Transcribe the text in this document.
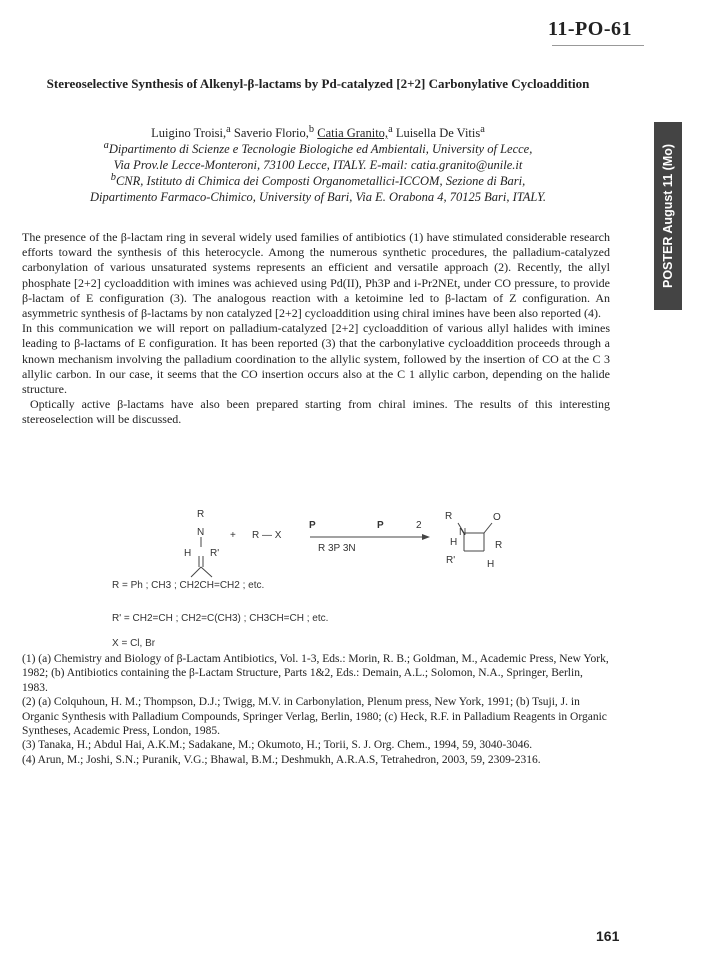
11-PO-61
POSTER August 11 (Mo)
Stereoselective Synthesis of Alkenyl-β-lactams by Pd-catalyzed [2+2] Carbonylative Cycloaddition
Luigino Troisi,$^a$ Saverio Florio,$^b$ Catia Granito,$^a$ Luisella De Vitis$^a$
$^a$Dipartimento di Scienze e Tecnologie Biologiche ed Ambientali, University of Lecce,
Via Prov.le Lecce-Monteroni, 73100 Lecce, ITALY. E-mail: catia.granito@unile.it
$^b$CNR, Istituto di Chimica dei Composti Organometallici-ICCOM, Sezione di Bari,
Dipartimento Farmaco-Chimico, University of Bari, Via E. Orabona 4, 70125 Bari, ITALY.

The presence of the β-lactam ring in several widely used families of antibiotics (1) have stimulated considerable research efforts toward the synthesis of this heterocycle. Among the numerous synthetic procedures, the palladium-catalyzed carbonylation of various unsaturated systems represents an efficient and versatile approach (2). Recently, the allyl phosphate [2+2] cycloaddition with imines was achieved using Pd(II), Ph3P and i-Pr2NEt, under CO pressure, to provide β-lactam of E configuration (3). The analogous reaction with a ketoimine led to β-lactam of Z configuration. An asymmetric synthesis of β-lactams by non catalyzed [2+2] cycloaddition using chiral imines have been also reported (4).

In this communication we will report on palladium-catalyzed [2+2] cycloaddition of various allyl halides with imines leading to β-lactams of E configuration. It has been reported (3) that the carbonylative cycloaddition proceeds through a known mechanism involving the palladium coordination to the allylic system, followed by the insertion of CO at the C 3 allylic carbon. In our case, it seems that the CO insertion occurs also at the C 1 allylic carbon, depending on the halide structure.

Optically active β-lactams have also been prepared starting from chiral imines. The results of this interesting stereoselection will be discussed.

R
N
H R'
+ R — X
P	P	2
R 3P 3N
R	O
N
H	R
R'	H
R = Ph ; CH3 ; CH2CH=CH2 ; etc.
R' = CH2=CH ; CH2=C(CH3) ; CH3CH=CH ; etc.
X = Cl, Br

(1) (a) Chemistry and Biology of β-Lactam Antibiotics, Vol. 1-3, Eds.: Morin, R. B.; Goldman, M., Academic Press, New York, 1982; (b) Antibiotics containing the β-Lactam Structure, Parts 1&2, Eds.: Demain, A.L.; Solomon, N.A., Springer, Berlin, 1983.

(2) (a) Colquhoun, H. M.; Thompson, D.J.; Twigg, M.V. in Carbonylation, Plenum press, New York, 1991; (b) Tsuji, J. in Organic Synthesis with Palladium Compounds, Springer Verlag, Berlin, 1980; (c) Heck, R.F. in Palladium Reagents in Organic Syntheses, Academic Press, London, 1985.

(3) Tanaka, H.; Abdul Hai, A.K.M.; Sadakane, M.; Okumoto, H.; Torii, S. J. Org. Chem., 1994, 59, 3040-3046.

(4) Arun, M.; Joshi, S.N.; Puranik, V.G.; Bhawal, B.M.; Deshmukh, A.R.A.S, Tetrahedron, 2003, 59, 2309-2316.

161
